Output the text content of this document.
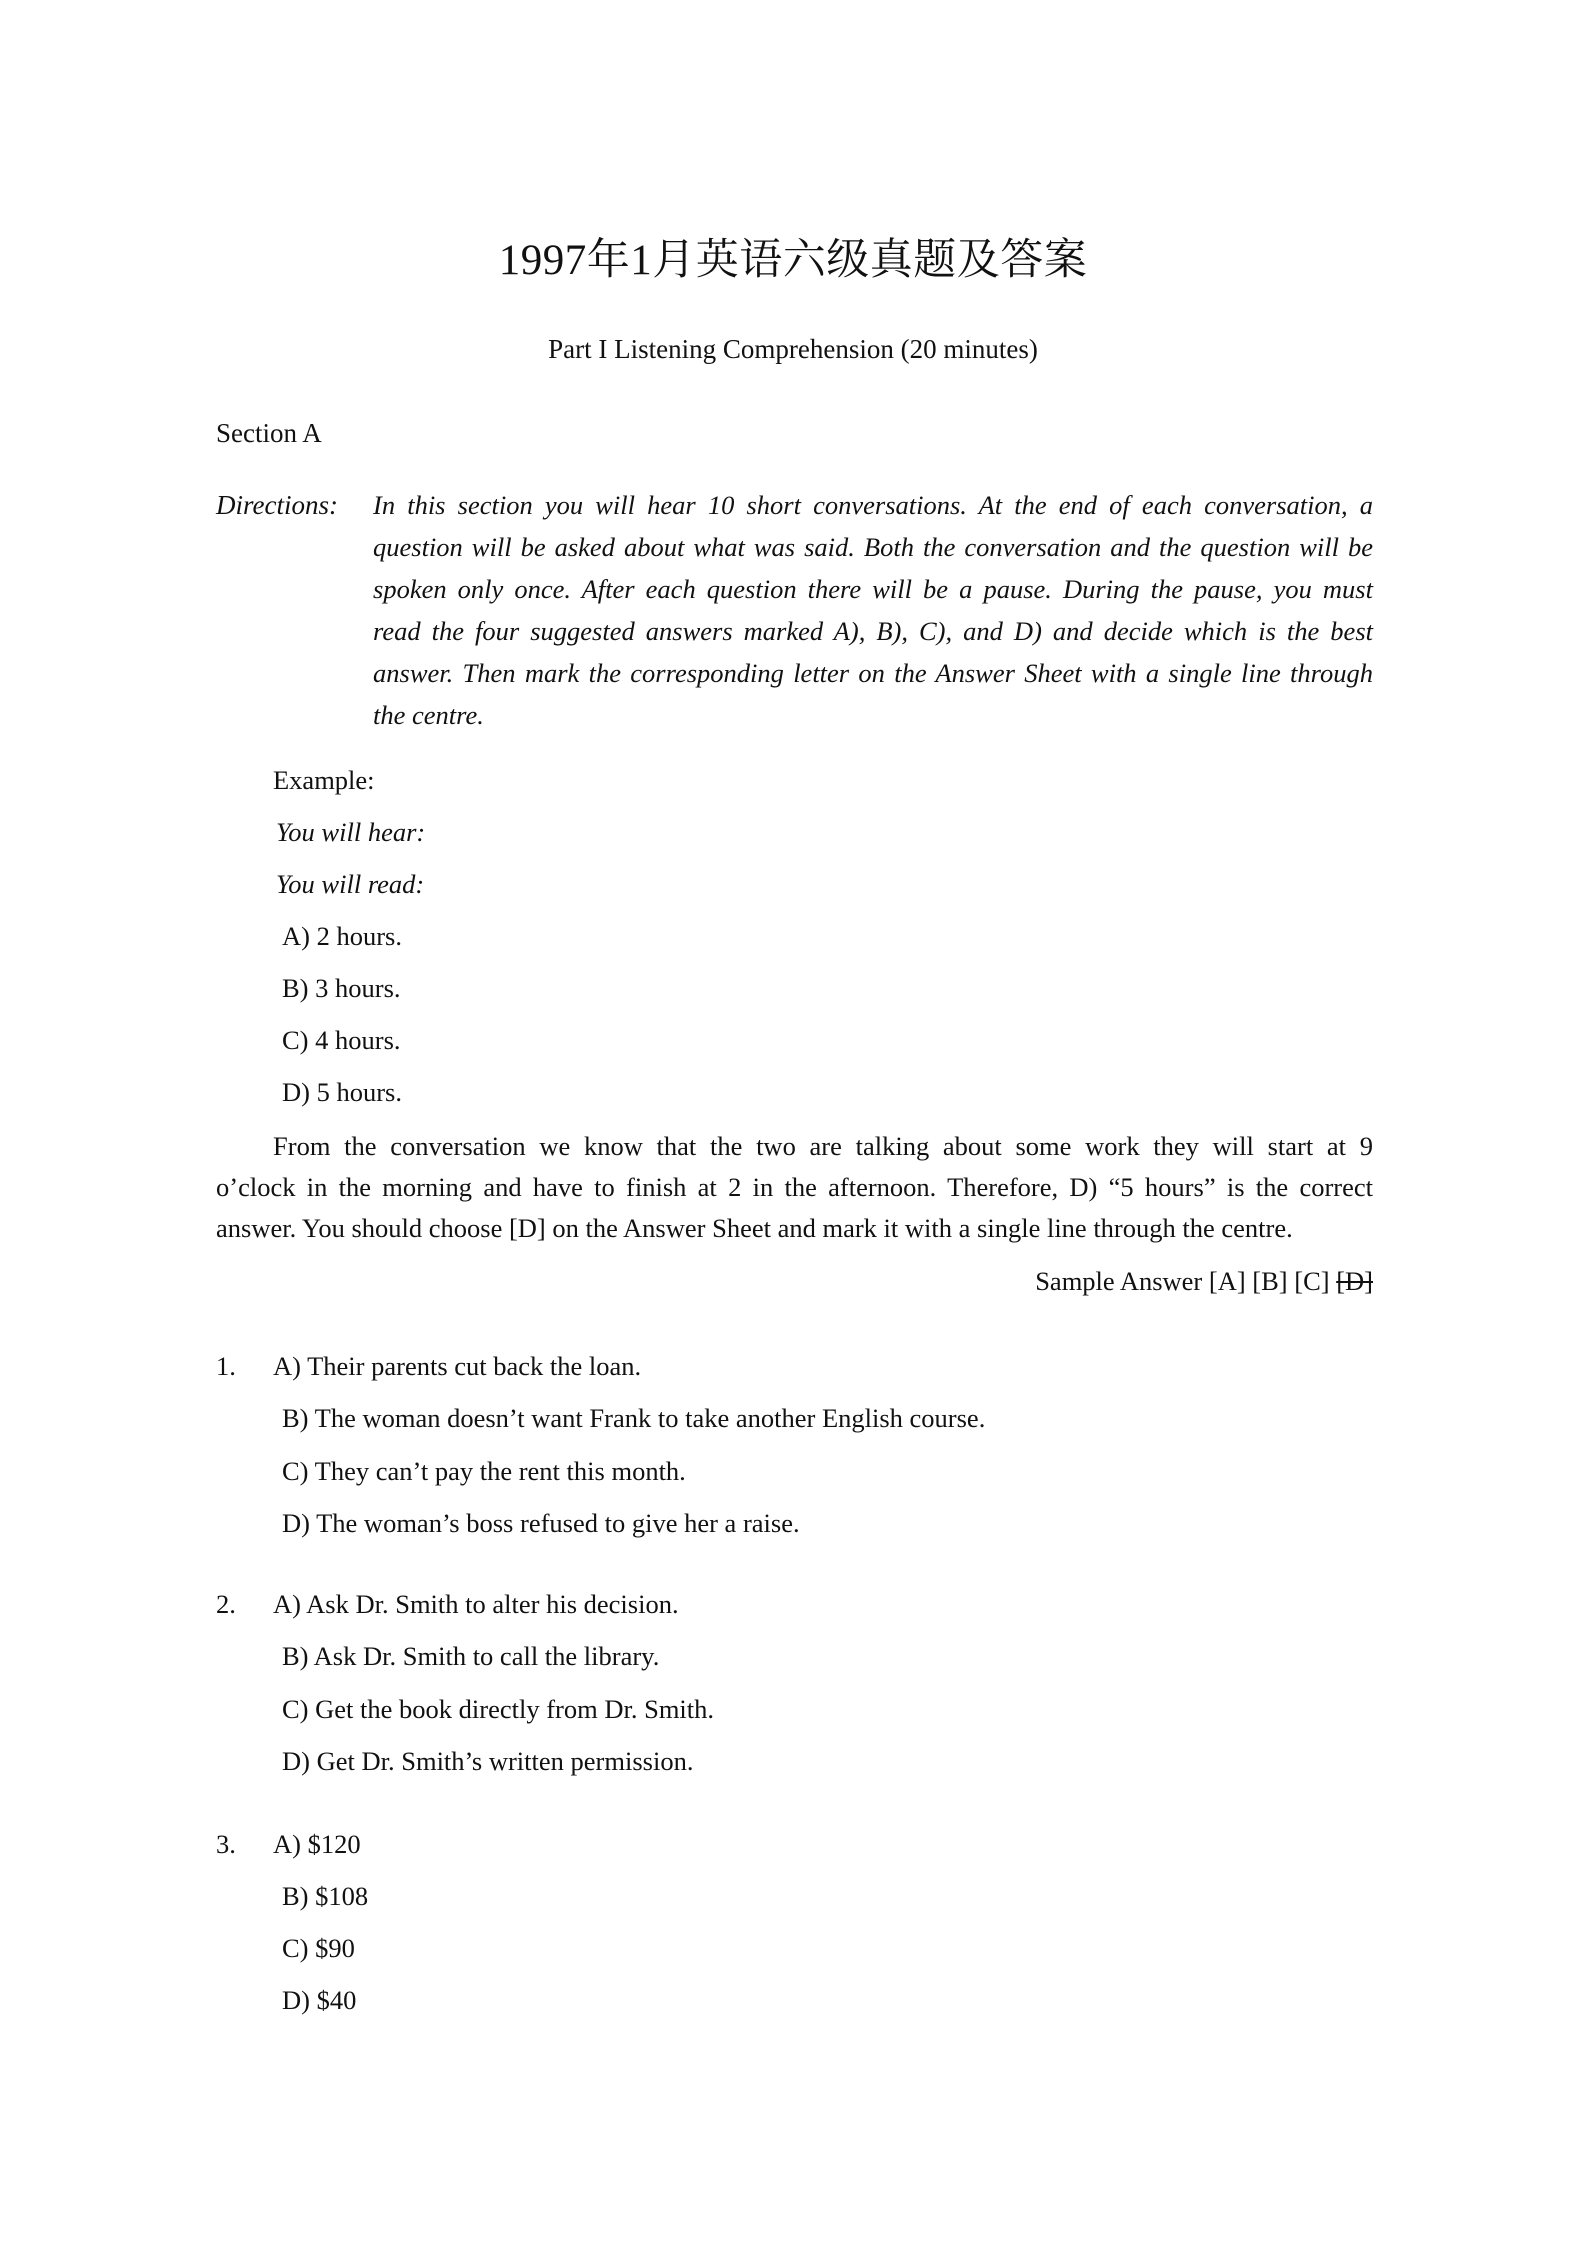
1997年1月英语六级真题及答案
Part I Listening Comprehension (20 minutes)
Section A
Directions: In this section you will hear 10 short conversations. At the end of each conversation, a
question will be asked about what was said. Both the conversation and the question will be
spoken only once. After each question there will be a pause. During the pause, you must
read the four suggested answers marked A), B), C), and D) and decide which is the best
answer. Then mark the corresponding letter on the Answer Sheet with a single line through
the centre.
Example:
You will hear:
You will read:
A) 2 hours.
B) 3 hours.
C) 4 hours.
D) 5 hours.
From the conversation we know that the two are talking about some work they will start at 9
o’clock in the morning and have to finish at 2 in the afternoon. Therefore, D) “5 hours” is the correct
answer. You should choose [D] on the Answer Sheet and mark it with a single line through the centre.
Sample Answer [A] [B] [C] [D]
1. A) Their parents cut back the loan.
B) The woman doesn’t want Frank to take another English course.
C) They can’t pay the rent this month.
D) The woman’s boss refused to give her a raise.
2. A) Ask Dr. Smith to alter his decision.
B) Ask Dr. Smith to call the library.
C) Get the book directly from Dr. Smith.
D) Get Dr. Smith’s written permission.
3. A) $120
B) $108
C) $90
D) $40
